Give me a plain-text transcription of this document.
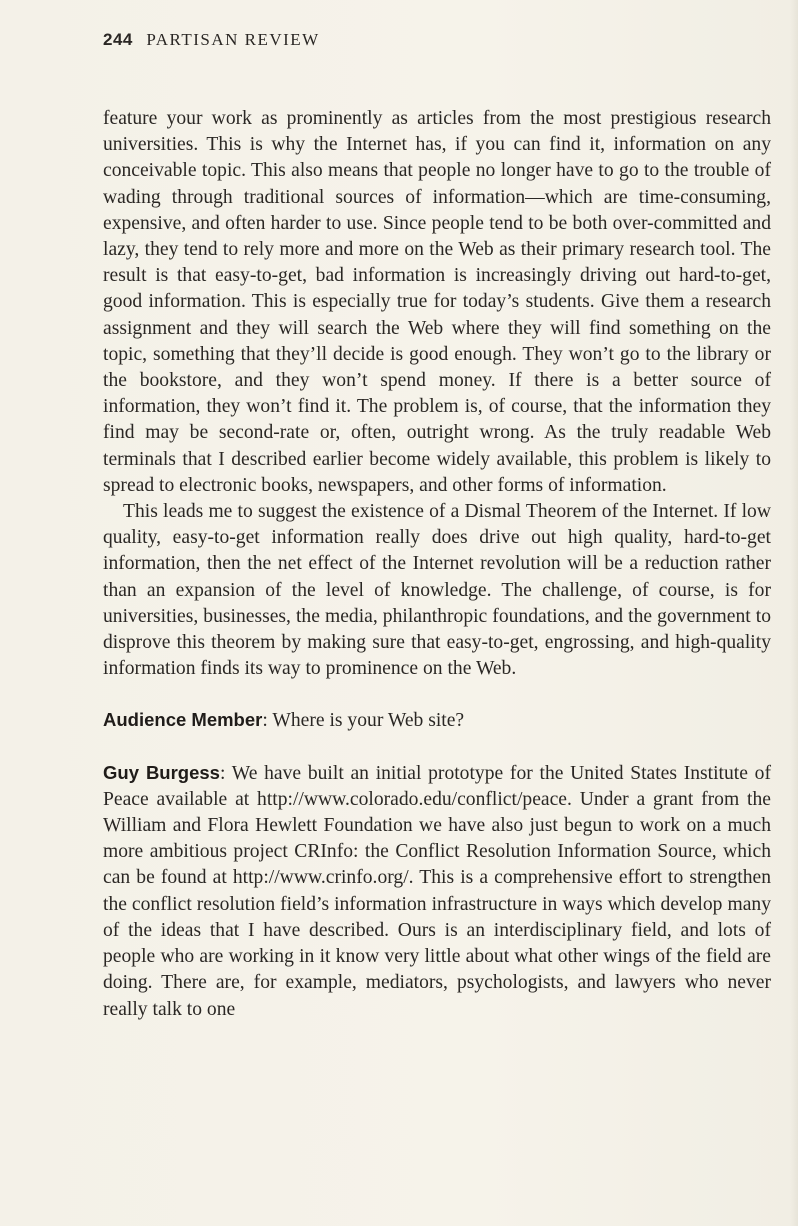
244 PARTISAN REVIEW

feature your work as prominently as articles from the most prestigious research universities. This is why the Internet has, if you can find it, information on any conceivable topic. This also means that people no longer have to go to the trouble of wading through traditional sources of information—which are time-consuming, expensive, and often harder to use. Since people tend to be both over-committed and lazy, they tend to rely more and more on the Web as their primary research tool. The result is that easy-to-get, bad information is increasingly driving out hard-to-get, good information. This is especially true for today’s students. Give them a research assignment and they will search the Web where they will find something on the topic, something that they’ll decide is good enough. They won’t go to the library or the bookstore, and they won’t spend money. If there is a better source of information, they won’t find it. The problem is, of course, that the information they find may be second-rate or, often, outright wrong. As the truly readable Web terminals that I described earlier become widely available, this problem is likely to spread to electronic books, newspapers, and other forms of information.

This leads me to suggest the existence of a Dismal Theorem of the Internet. If low quality, easy-to-get information really does drive out high quality, hard-to-get information, then the net effect of the Internet revolution will be a reduction rather than an expansion of the level of knowledge. The challenge, of course, is for universities, businesses, the media, philanthropic foundations, and the government to disprove this theorem by making sure that easy-to-get, engrossing, and high-quality information finds its way to prominence on the Web.

Audience Member: Where is your Web site?

Guy Burgess: We have built an initial prototype for the United States Institute of Peace available at http://www.colorado.edu/conflict/peace. Under a grant from the William and Flora Hewlett Foundation we have also just begun to work on a much more ambitious project CRInfo: the Conflict Resolution Information Source, which can be found at http://www.crinfo.org/. This is a comprehensive effort to strengthen the conflict resolution field’s information infrastructure in ways which develop many of the ideas that I have described. Ours is an interdisciplinary field, and lots of people who are working in it know very little about what other wings of the field are doing. There are, for example, mediators, psychologists, and lawyers who never really talk to one
